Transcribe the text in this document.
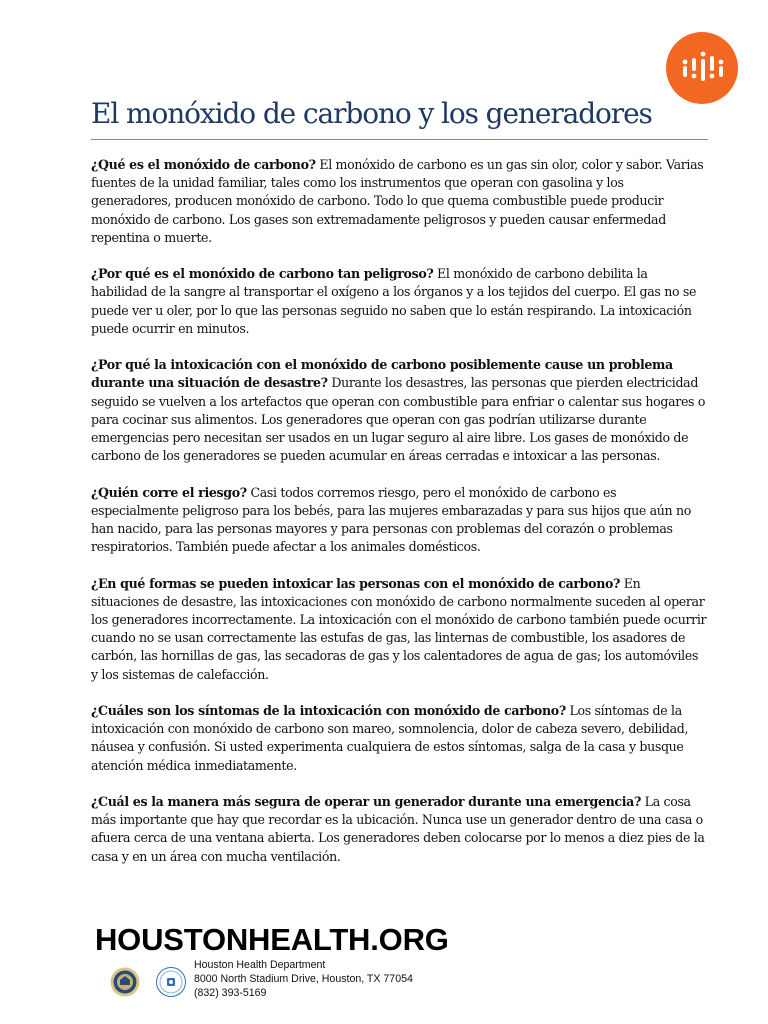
El monóxido de carbono y los generadores

¿Qué es el monóxido de carbono? El monóxido de carbono es un gas sin olor, color y sabor. Varias fuentes de la unidad familiar, tales como los instrumentos que operan con gasolina y los generadores, producen monóxido de carbono. Todo lo que quema combustible puede producir monóxido de carbono. Los gases son extremadamente peligrosos y pueden causar enfermedad repentina o muerte.

¿Por qué es el monóxido de carbono tan peligroso? El monóxido de carbono debilita la habilidad de la sangre al transportar el oxígeno a los órganos y a los tejidos del cuerpo. El gas no se puede ver u oler, por lo que las personas seguido no saben que lo están respirando. La intoxicación puede ocurrir en minutos.

¿Por qué la intoxicación con el monóxido de carbono posiblemente cause un problema durante una situación de desastre? Durante los desastres, las personas que pierden electricidad seguido se vuelven a los artefactos que operan con combustible para enfriar o calentar sus hogares o para cocinar sus alimentos. Los generadores que operan con gas podrían utilizarse durante emergencias pero necesitan ser usados en un lugar seguro al aire libre. Los gases de monóxido de carbono de los generadores se pueden acumular en áreas cerradas e intoxicar a las personas.

¿Quién corre el riesgo? Casi todos corremos riesgo, pero el monóxido de carbono es especialmente peligroso para los bebés, para las mujeres embarazadas y para sus hijos que aún no han nacido, para las personas mayores y para personas con problemas del corazón o problemas respiratorios. También puede afectar a los animales domésticos.

¿En qué formas se pueden intoxicar las personas con el monóxido de carbono? En situaciones de desastre, las intoxicaciones con monóxido de carbono normalmente suceden al operar los generadores incorrectamente. La intoxicación con el monóxido de carbono también puede ocurrir cuando no se usan correctamente las estufas de gas, las linternas de combustible, los asadores de carbón, las hornillas de gas, las secadoras de gas y los calentadores de agua de gas; los automóviles y los sistemas de calefacción.

¿Cuáles son los síntomas de la intoxicación con monóxido de carbono? Los síntomas de la intoxicación con monóxido de carbono son mareo, somnolencia, dolor de cabeza severo, debilidad, náusea y confusión. Si usted experimenta cualquiera de estos síntomas, salga de la casa y busque atención médica inmediatamente.

¿Cuál es la manera más segura de operar un generador durante una emergencia? La cosa más importante que hay que recordar es la ubicación. Nunca use un generador dentro de una casa o afuera cerca de una ventana abierta. Los generadores deben colocarse por lo menos a diez pies de la casa y en un área con mucha ventilación.

HOUSTONHEALTH.ORG
Houston Health Department
8000 North Stadium Drive, Houston, TX 77054
(832) 393-5169
